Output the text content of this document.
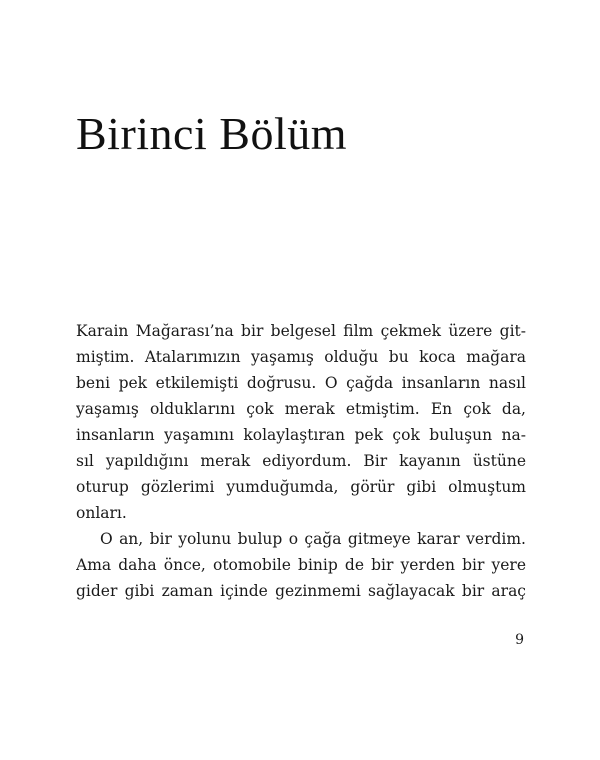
Birinci Bölüm
Karain Mağarası’na bir belgesel film çekmek üzere git-
miştim. Atalarımızın yaşamış olduğu bu koca mağara
beni pek etkilemişti doğrusu. O çağda insanların nasıl
yaşamış olduklarını çok merak etmiştim. En çok da,
insanların yaşamını kolaylaştıran pek çok buluşun na-
sıl yapıldığını merak ediyordum. Bir kayanın üstüne
oturup gözlerimi yumduğumda, görür gibi olmuştum
onları.
O an, bir yolunu bulup o çağa gitmeye karar verdim.
Ama daha önce, otomobile binip de bir yerden bir yere
gider gibi zaman içinde gezinmemi sağlayacak bir araç
9
